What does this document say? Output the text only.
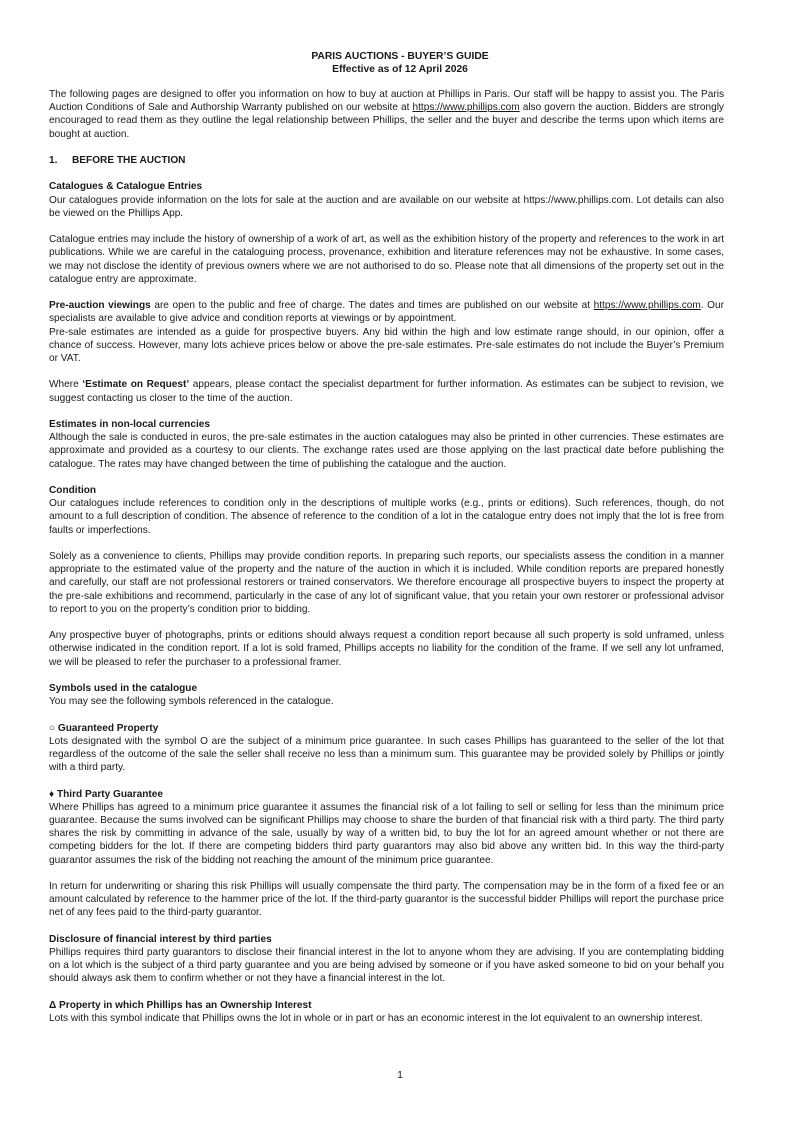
PARIS AUCTIONS - BUYER’S GUIDE
Effective as of 12 April 2026

The following pages are designed to offer you information on how to buy at auction at Phillips in Paris. Our staff will be happy to assist you. The Paris Auction Conditions of Sale and Authorship Warranty published on our website at https://www.phillips.com also govern the auction. Bidders are strongly encouraged to read them as they outline the legal relationship between Phillips, the seller and the buyer and describe the terms upon which items are bought at auction.

1.	BEFORE THE AUCTION

Catalogues & Catalogue Entries

Our catalogues provide information on the lots for sale at the auction and are available on our website at https://www.phillips.com. Lot details can also be viewed on the Phillips App.

Catalogue entries may include the history of ownership of a work of art, as well as the exhibition history of the property and references to the work in art publications. While we are careful in the cataloguing process, provenance, exhibition and literature references may not be exhaustive. In some cases, we may not disclose the identity of previous owners where we are not authorised to do so. Please note that all dimensions of the property set out in the catalogue entry are approximate.

Pre-auction viewings are open to the public and free of charge. The dates and times are published on our website at https://www.phillips.com. Our specialists are available to give advice and condition reports at viewings or by appointment.

Pre-sale estimates are intended as a guide for prospective buyers. Any bid within the high and low estimate range should, in our opinion, offer a chance of success. However, many lots achieve prices below or above the pre-sale estimates. Pre-sale estimates do not include the Buyer’s Premium or VAT.

Where ‘Estimate on Request’ appears, please contact the specialist department for further information. As estimates can be subject to revision, we suggest contacting us closer to the time of the auction.

Estimates in non-local currencies

Although the sale is conducted in euros, the pre-sale estimates in the auction catalogues may also be printed in other currencies. These estimates are approximate and provided as a courtesy to our clients. The exchange rates used are those applying on the last practical date before publishing the catalogue. The rates may have changed between the time of publishing the catalogue and the auction.

Condition

Our catalogues include references to condition only in the descriptions of multiple works (e.g., prints or editions). Such references, though, do not amount to a full description of condition. The absence of reference to the condition of a lot in the catalogue entry does not imply that the lot is free from faults or imperfections.

Solely as a convenience to clients, Phillips may provide condition reports. In preparing such reports, our specialists assess the condition in a manner appropriate to the estimated value of the property and the nature of the auction in which it is included. While condition reports are prepared honestly and carefully, our staff are not professional restorers or trained conservators. We therefore encourage all prospective buyers to inspect the property at the pre-sale exhibitions and recommend, particularly in the case of any lot of significant value, that you retain your own restorer or professional advisor to report to you on the property’s condition prior to bidding.

Any prospective buyer of photographs, prints or editions should always request a condition report because all such property is sold unframed, unless otherwise indicated in the condition report. If a lot is sold framed, Phillips accepts no liability for the condition of the frame. If we sell any lot unframed, we will be pleased to refer the purchaser to a professional framer.

Symbols used in the catalogue

You may see the following symbols referenced in the catalogue.

○ Guaranteed Property

Lots designated with the symbol O are the subject of a minimum price guarantee. In such cases Phillips has guaranteed to the seller of the lot that regardless of the outcome of the sale the seller shall receive no less than a minimum sum. This guarantee may be provided solely by Phillips or jointly with a third party.

♦ Third Party Guarantee

Where Phillips has agreed to a minimum price guarantee it assumes the financial risk of a lot failing to sell or selling for less than the minimum price guarantee. Because the sums involved can be significant Phillips may choose to share the burden of that financial risk with a third party. The third party shares the risk by committing in advance of the sale, usually by way of a written bid, to buy the lot for an agreed amount whether or not there are competing bidders for the lot. If there are competing bidders third party guarantors may also bid above any written bid. In this way the third-party guarantor assumes the risk of the bidding not reaching the amount of the minimum price guarantee.

In return for underwriting or sharing this risk Phillips will usually compensate the third party. The compensation may be in the form of a fixed fee or an amount calculated by reference to the hammer price of the lot. If the third-party guarantor is the successful bidder Phillips will report the purchase price net of any fees paid to the third-party guarantor.

Disclosure of financial interest by third parties

Phillips requires third party guarantors to disclose their financial interest in the lot to anyone whom they are advising. If you are contemplating bidding on a lot which is the subject of a third party guarantee and you are being advised by someone or if you have asked someone to bid on your behalf you should always ask them to confirm whether or not they have a financial interest in the lot.

Δ Property in which Phillips has an Ownership Interest

Lots with this symbol indicate that Phillips owns the lot in whole or in part or has an economic interest in the lot equivalent to an ownership interest.

1
